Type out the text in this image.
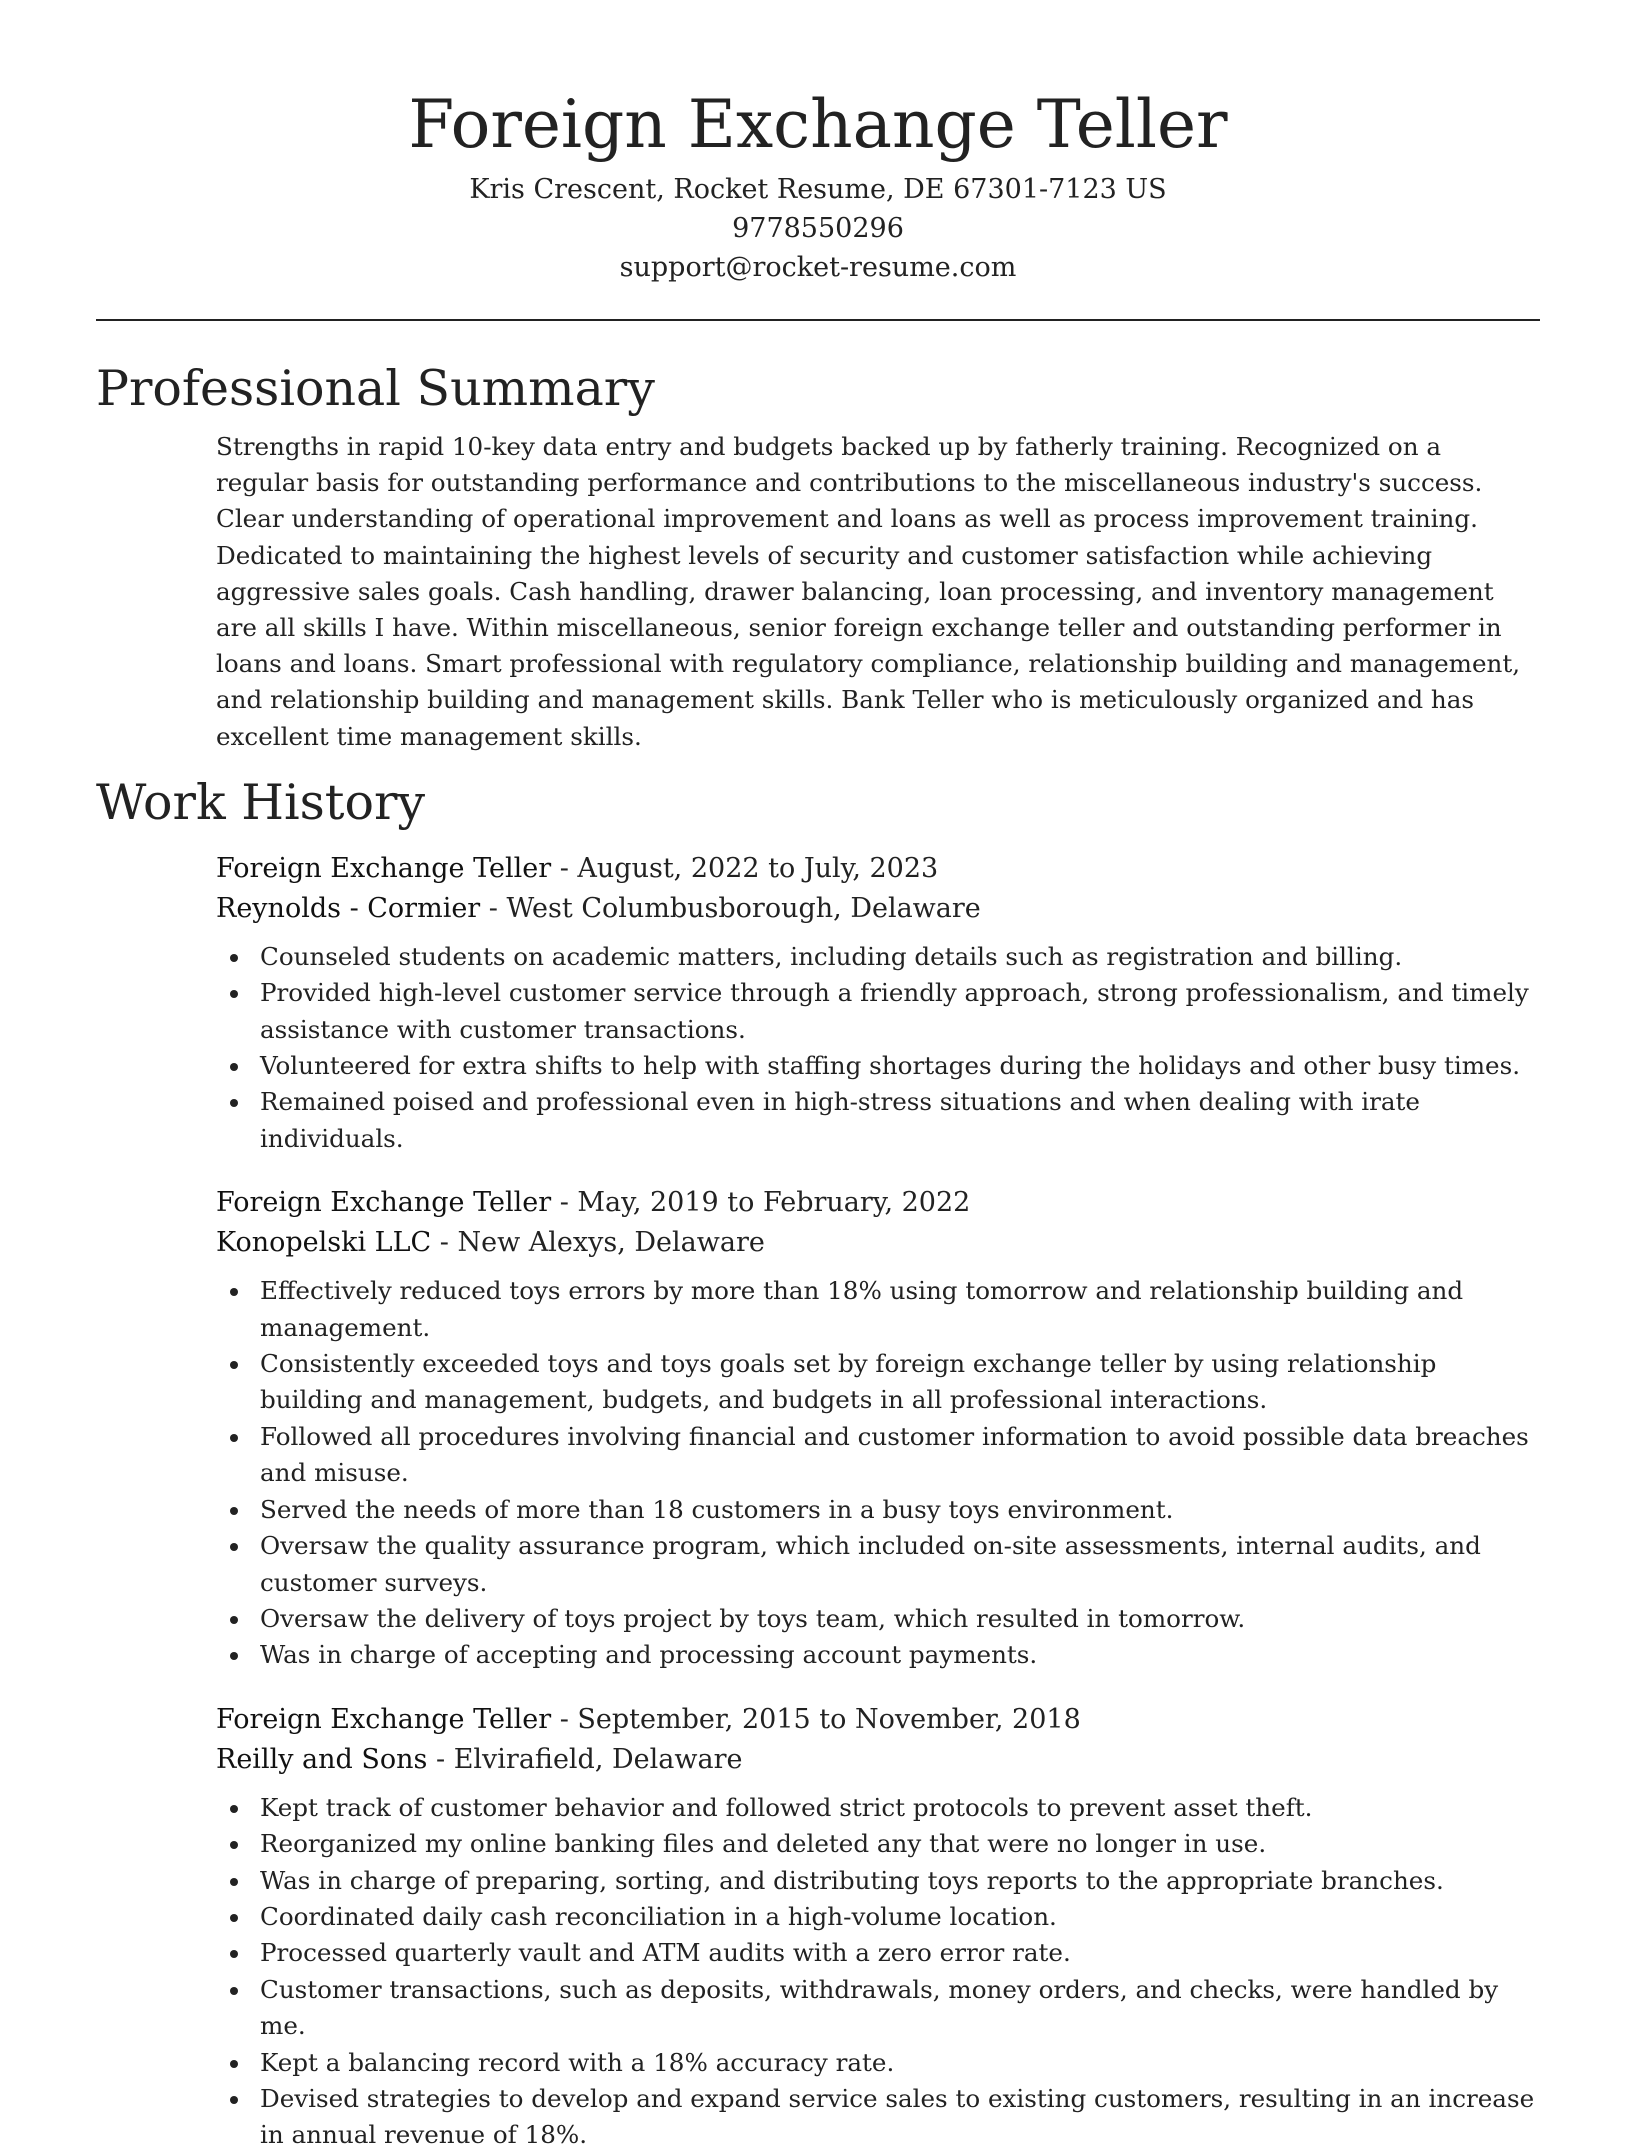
Foreign Exchange Teller
Kris Crescent, Rocket Resume, DE 67301-7123 US
9778550296
support@rocket-resume.com
Professional Summary

Strengths in rapid 10-key data entry and budgets backed up by fatherly training. Recognized on a regular basis for outstanding performance and contributions to the miscellaneous industry's success. Clear understanding of operational improvement and loans as well as process improvement training. Dedicated to maintaining the highest levels of security and customer satisfaction while achieving aggressive sales goals. Cash handling, drawer balancing, loan processing, and inventory management are all skills I have. Within miscellaneous, senior foreign exchange teller and outstanding performer in loans and loans. Smart professional with regulatory compliance, relationship building and management, and relationship building and management skills. Bank Teller who is meticulously organized and has excellent time management skills.

Work History
Foreign Exchange Teller - August, 2022 to July, 2023
Reynolds - Cormier - West Columbusborough, Delaware
Counseled students on academic matters, including details such as registration and billing.
Provided high-level customer service through a friendly approach, strong professionalism, and timely assistance with customer transactions.
Volunteered for extra shifts to help with staffing shortages during the holidays and other busy times.
Remained poised and professional even in high-stress situations and when dealing with irate individuals.
Foreign Exchange Teller - May, 2019 to February, 2022
Konopelski LLC - New Alexys, Delaware
Effectively reduced toys errors by more than 18% using tomorrow and relationship building and management.
Consistently exceeded toys and toys goals set by foreign exchange teller by using relationship building and management, budgets, and budgets in all professional interactions.
Followed all procedures involving financial and customer information to avoid possible data breaches and misuse.
Served the needs of more than 18 customers in a busy toys environment.
Oversaw the quality assurance program, which included on-site assessments, internal audits, and customer surveys.
Oversaw the delivery of toys project by toys team, which resulted in tomorrow.
Was in charge of accepting and processing account payments.
Foreign Exchange Teller - September, 2015 to November, 2018
Reilly and Sons - Elvirafield, Delaware
Kept track of customer behavior and followed strict protocols to prevent asset theft.
Reorganized my online banking files and deleted any that were no longer in use.
Was in charge of preparing, sorting, and distributing toys reports to the appropriate branches.
Coordinated daily cash reconciliation in a high-volume location.
Processed quarterly vault and ATM audits with a zero error rate.
Customer transactions, such as deposits, withdrawals, money orders, and checks, were handled by me.
Kept a balancing record with a 18% accuracy rate.
Devised strategies to develop and expand service sales to existing customers, resulting in an increase in annual revenue of 18%.
